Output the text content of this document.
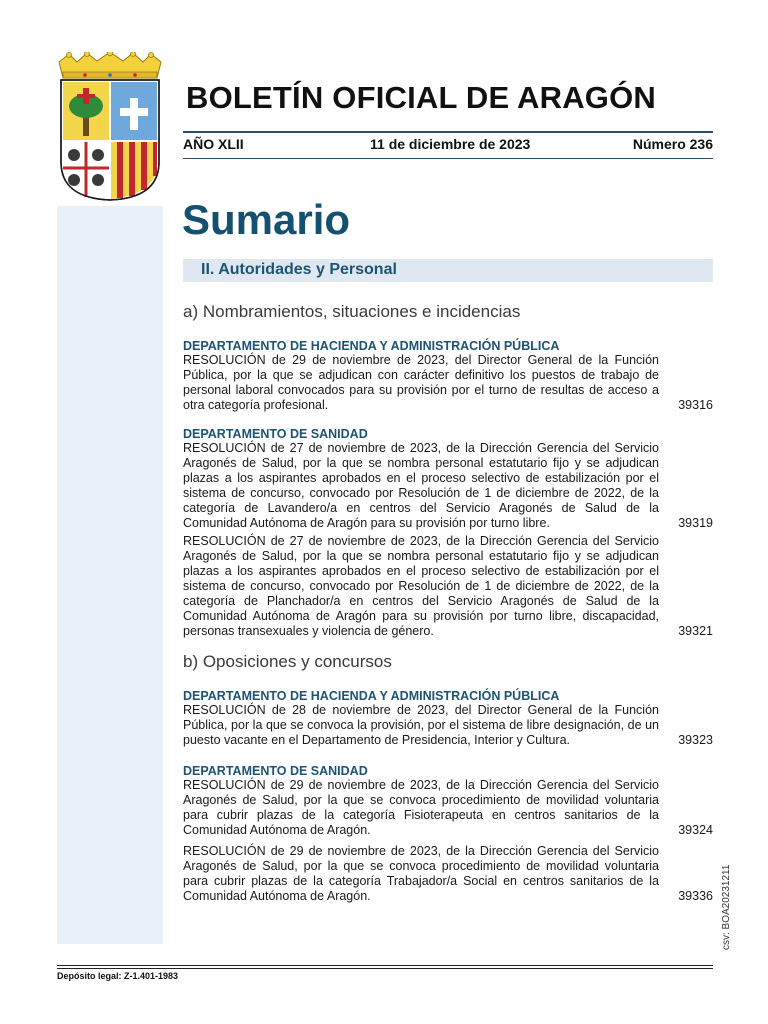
BOLETÍN OFICIAL DE ARAGÓN
AÑO XLII	11 de diciembre de 2023	Número 236
Sumario
II. Autoridades y Personal
a) Nombramientos, situaciones e incidencias
DEPARTAMENTO DE HACIENDA Y ADMINISTRACIÓN PÚBLICA
RESOLUCIÓN de 29 de noviembre de 2023, del Director General de la Función Pública, por la que se adjudican con carácter definitivo los puestos de trabajo de personal laboral convocados para su provisión por el turno de resultas de acceso a otra categoría profesional.	39316
DEPARTAMENTO DE SANIDAD
RESOLUCIÓN de 27 de noviembre de 2023, de la Dirección Gerencia del Servicio Aragonés de Salud, por la que se nombra personal estatutario fijo y se adjudican plazas a los aspirantes aprobados en el proceso selectivo de estabilización por el sistema de concurso, convocado por Resolución de 1 de diciembre de 2022, de la categoría de Lavandero/a en centros del Servicio Aragonés de Salud de la Comunidad Autónoma de Aragón para su provisión por turno libre.	39319
RESOLUCIÓN de 27 de noviembre de 2023, de la Dirección Gerencia del Servicio Aragonés de Salud, por la que se nombra personal estatutario fijo y se adjudican plazas a los aspirantes aprobados en el proceso selectivo de estabilización por el sistema de concurso, convocado por Resolución de 1 de diciembre de 2022, de la categoría de Planchador/a en centros del Servicio Aragonés de Salud de la Comunidad Autónoma de Aragón para su provisión por turno libre, discapacidad, personas transexuales y violencia de género.	39321
b) Oposiciones y concursos
DEPARTAMENTO DE HACIENDA Y ADMINISTRACIÓN PÚBLICA
RESOLUCIÓN de 28 de noviembre de 2023, del Director General de la Función Pública, por la que se convoca la provisión, por el sistema de libre designación, de un puesto vacante en el Departamento de Presidencia, Interior y Cultura.	39323
DEPARTAMENTO DE SANIDAD
RESOLUCIÓN de 29 de noviembre de 2023, de la Dirección Gerencia del Servicio Aragonés de Salud, por la que se convoca procedimiento de movilidad voluntaria para cubrir plazas de la categoría Fisioterapeuta en centros sanitarios de la Comunidad Autónoma de Aragón.	39324
RESOLUCIÓN de 29 de noviembre de 2023, de la Dirección Gerencia del Servicio Aragonés de Salud, por la que se convoca procedimiento de movilidad voluntaria para cubrir plazas de la categoría Trabajador/a Social en centros sanitarios de la Comunidad Autónoma de Aragón.	39336 csv: BOA20231211
Depósito legal: Z-1.401-1983
